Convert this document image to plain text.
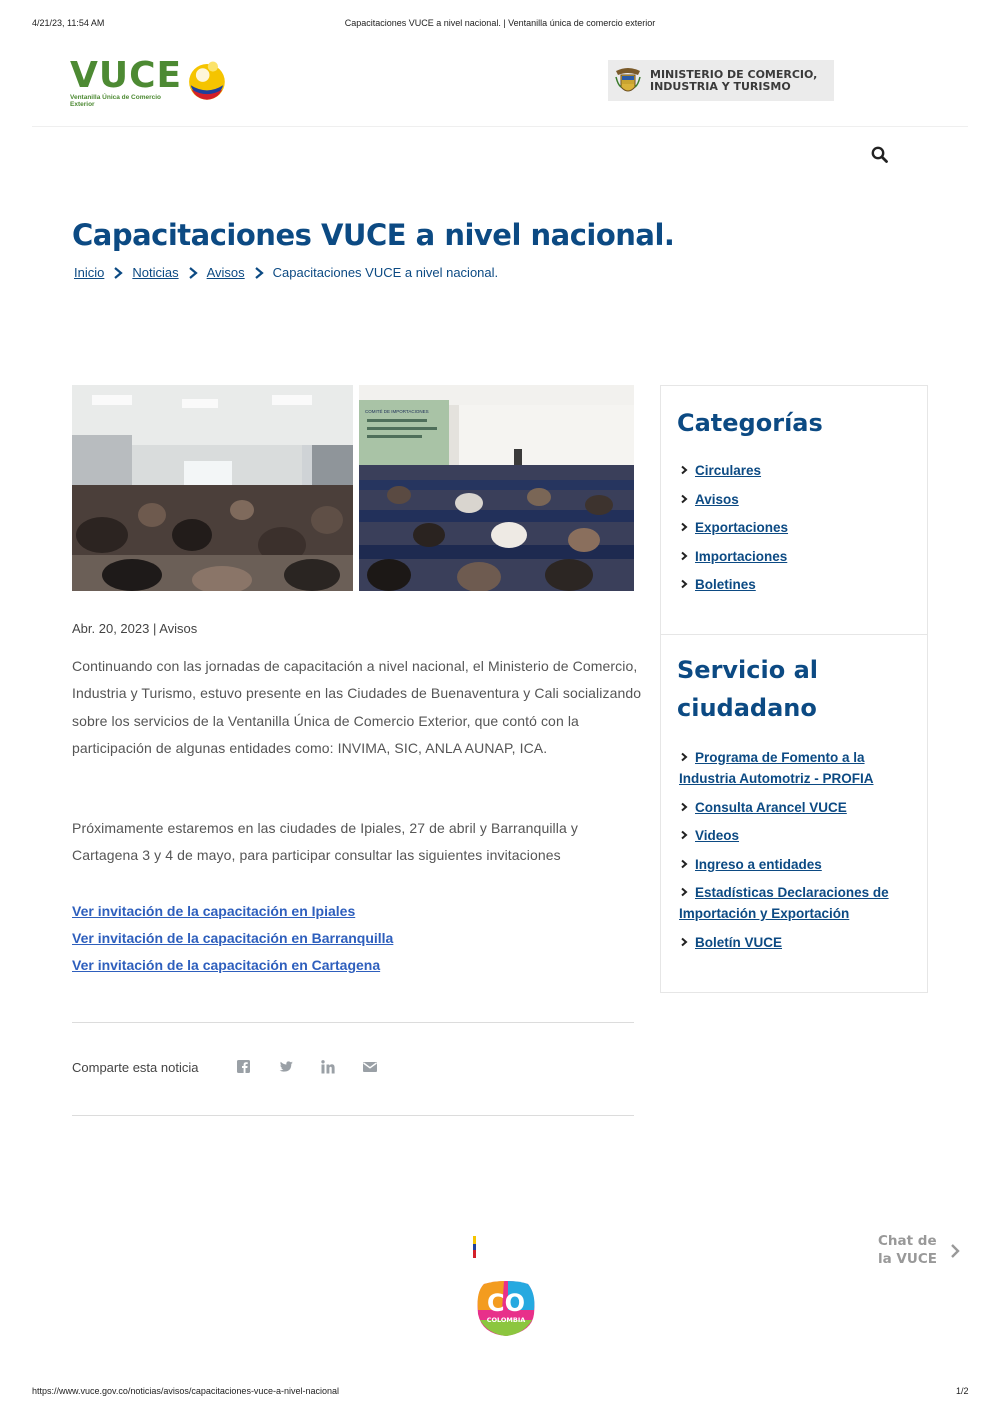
4/21/23, 11:54 AM	Capacitaciones VUCE a nivel nacional. | Ventanilla única de comercio exterior
VUCE
Ventanilla Única de Comercio Exterior
MINISTERIO DE COMERCIO,
INDUSTRIA Y TURISMO
Capacitaciones VUCE a nivel nacional.
Inicio Noticias Avisos Capacitaciones VUCE a nivel nacional.
COMITÉ DE IMPORTACIONES
Abr. 20, 2023 | Avisos

Continuando con las jornadas de capacitación a nivel nacional, el Ministerio de Comercio, Industria y Turismo, estuvo presente en las Ciudades de Buenaventura y Cali socializando sobre los servicios de la Ventanilla Única de Comercio Exterior, que contó con la participación de algunas entidades como: INVIMA, SIC, ANLA AUNAP, ICA.

Próximamente estaremos en las ciudades de Ipiales, 27 de abril y Barranquilla y Cartagena 3 y 4 de mayo, para participar consultar las siguientes invitaciones

Ver invitación de la capacitación en Ipiales
Ver invitación de la capacitación en Barranquilla
Ver invitación de la capacitación en Cartagena
Comparte esta noticia
Categorías
Circulares
Avisos
Exportaciones
Importaciones
Boletines
Servicio al
ciudadano
Programa de Fomento a la Industria Automotriz - PROFIA
Consulta Arancel VUCE
Videos
Ingreso a entidades
Estadísticas Declaraciones de Importación y Exportación
Boletín VUCE
CO
COLOMBIA
Chat de
la VUCE
https://www.vuce.gov.co/noticias/avisos/capacitaciones-vuce-a-nivel-nacional	1/2
